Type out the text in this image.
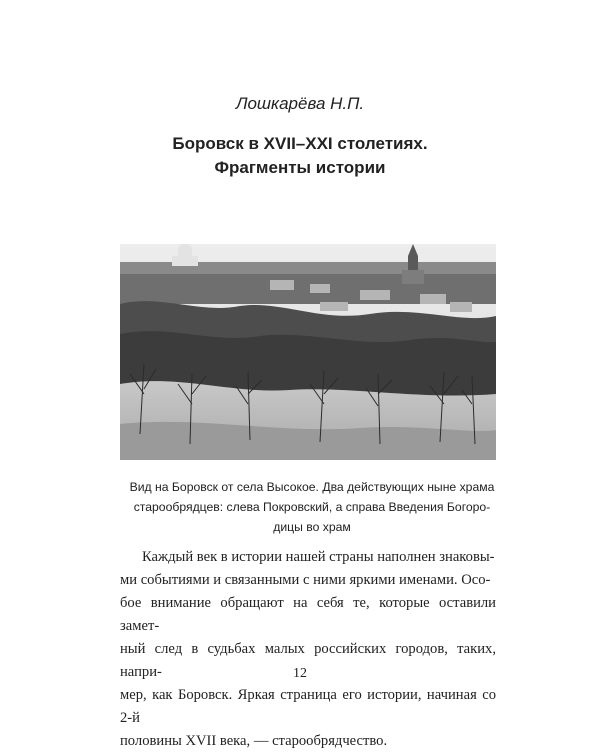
Лошкарёва Н.П.
Боровск в XVII–XXI столетиях.
Фрагменты истории
Вид на Боровск от села Высокое. Два действующих ныне храма
старообрядцев: слева Покровский, а справа Введения Богоро-
дицы во храм
Каждый век в истории нашей страны наполнен знаковы-
ми событиями и связанными с ними яркими именами. Осо-
бое внимание обращают на себя те, которые оставили замет-
ный след в судьбах малых российских городов, таких, напри-
мер, как Боровск. Яркая страница его истории, начиная со 2-й
половины XVII века, — старообрядчество.
12
